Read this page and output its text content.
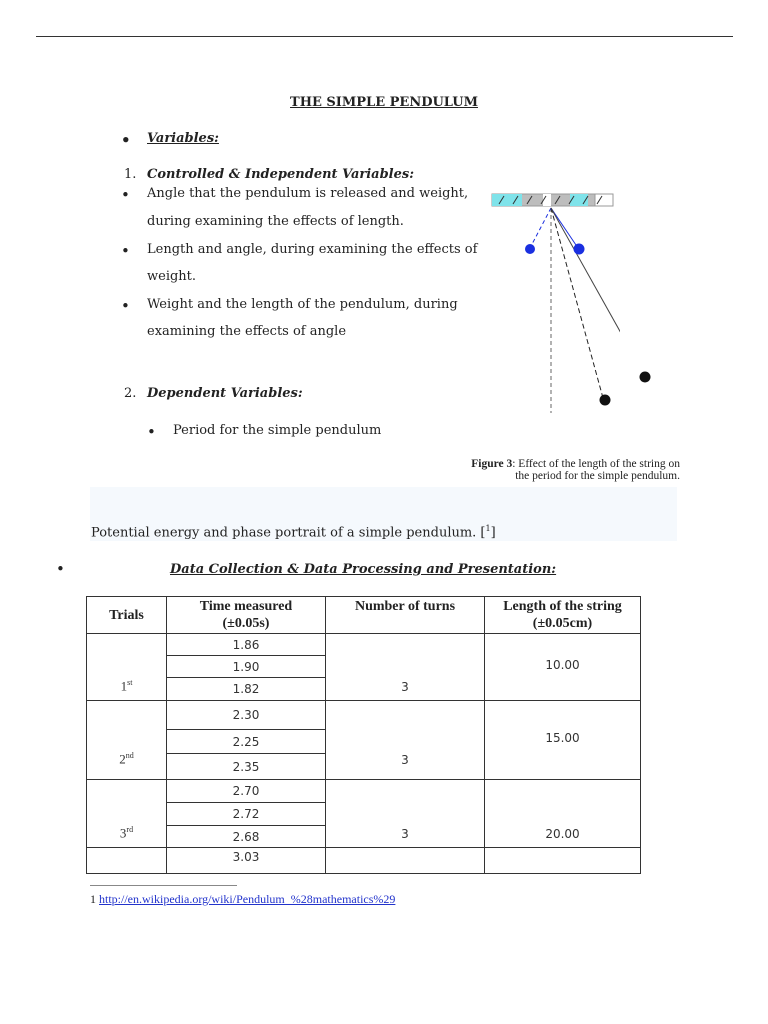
THE SIMPLE PENDULUM
• Variables:
1. Controlled & Independent Variables:
• Angle that the pendulum is released and weight,
during examining the effects of length.
• Length and angle, during examining the effects of
weight.
• Weight and the length of the pendulum, during
examining the effects of angle
2. Dependent Variables:
• Period for the simple pendulum
Figure 3: Effect of the length of the string on
the period for the simple pendulum.
Potential energy and phase portrait of a simple pendulum. [$^1$]
•	Data Collection & Data Processing and Presentation:
Trials	Time measured
(±0.05s)	Number of turns	Length of the string
(±0.05cm)
1st	1.86	3	10.00
	1.90		
	1.82		
2nd	2.30	3	15.00
	2.25		
	2.35		
3rd	2.70	3	20.00
	2.72		
	2.68		
	3.03		
1 http://en.wikipedia.org/wiki/Pendulum_%28mathematics%29
